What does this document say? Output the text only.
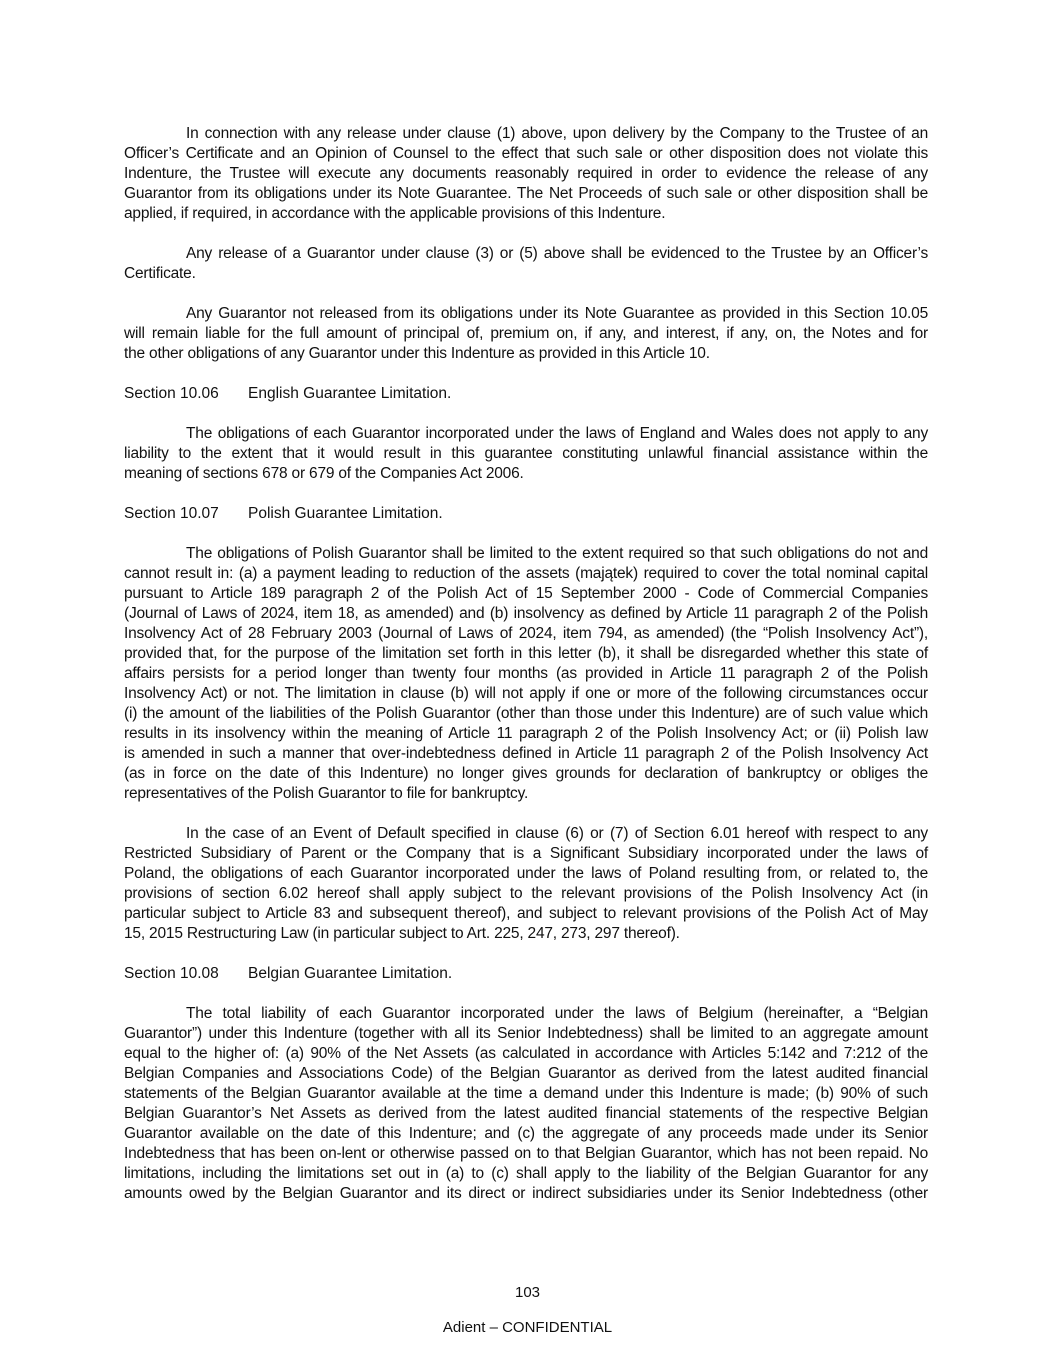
In connection with any release under clause (1) above, upon delivery by the Company to the Trustee of an
Officer’s Certificate and an Opinion of Counsel to the effect that such sale or other disposition does not violate this
Indenture, the Trustee will execute any documents reasonably required in order to evidence the release of any
Guarantor from its obligations under its Note Guarantee. The Net Proceeds of such sale or other disposition shall be
applied, if required, in accordance with the applicable provisions of this Indenture.
Any release of a Guarantor under clause (3) or (5) above shall be evidenced to the Trustee by an Officer’s
Certificate.
Any Guarantor not released from its obligations under its Note Guarantee as provided in this Section 10.05
will remain liable for the full amount of principal of, premium on, if any, and interest, if any, on, the Notes and for
the other obligations of any Guarantor under this Indenture as provided in this Article 10.
Section 10.06 English Guarantee Limitation.
The obligations of each Guarantor incorporated under the laws of England and Wales does not apply to any
liability to the extent that it would result in this guarantee constituting unlawful financial assistance within the
meaning of sections 678 or 679 of the Companies Act 2006.
Section 10.07 Polish Guarantee Limitation.
The obligations of Polish Guarantor shall be limited to the extent required so that such obligations do not and
cannot result in: (a) a payment leading to reduction of the assets (majątek) required to cover the total nominal capital
pursuant to Article 189 paragraph 2 of the Polish Act of 15 September 2000 - Code of Commercial Companies
(Journal of Laws of 2024, item 18, as amended) and (b) insolvency as defined by Article 11 paragraph 2 of the Polish
Insolvency Act of 28 February 2003 (Journal of Laws of 2024, item 794, as amended) (the “Polish Insolvency Act”),
provided that, for the purpose of the limitation set forth in this letter (b), it shall be disregarded whether this state of
affairs persists for a period longer than twenty four months (as provided in Article 11 paragraph 2 of the Polish
Insolvency Act) or not. The limitation in clause (b) will not apply if one or more of the following circumstances occur
(i) the amount of the liabilities of the Polish Guarantor (other than those under this Indenture) are of such value which
results in its insolvency within the meaning of Article 11 paragraph 2 of the Polish Insolvency Act; or (ii) Polish law
is amended in such a manner that over-indebtedness defined in Article 11 paragraph 2 of the Polish Insolvency Act
(as in force on the date of this Indenture) no longer gives grounds for declaration of bankruptcy or obliges the
representatives of the Polish Guarantor to file for bankruptcy.
In the case of an Event of Default specified in clause (6) or (7) of Section 6.01 hereof with respect to any
Restricted Subsidiary of Parent or the Company that is a Significant Subsidiary incorporated under the laws of
Poland, the obligations of each Guarantor incorporated under the laws of Poland resulting from, or related to, the
provisions of section 6.02 hereof shall apply subject to the relevant provisions of the Polish Insolvency Act (in
particular subject to Article 83 and subsequent thereof), and subject to relevant provisions of the Polish Act of May
15, 2015 Restructuring Law (in particular subject to Art. 225, 247, 273, 297 thereof).
Section 10.08 Belgian Guarantee Limitation.
The total liability of each Guarantor incorporated under the laws of Belgium (hereinafter, a “Belgian
Guarantor”) under this Indenture (together with all its Senior Indebtedness) shall be limited to an aggregate amount
equal to the higher of: (a) 90% of the Net Assets (as calculated in accordance with Articles 5:142 and 7:212 of the
Belgian Companies and Associations Code) of the Belgian Guarantor as derived from the latest audited financial
statements of the Belgian Guarantor available at the time a demand under this Indenture is made; (b) 90% of such
Belgian Guarantor’s Net Assets as derived from the latest audited financial statements of the respective Belgian
Guarantor available on the date of this Indenture; and (c) the aggregate of any proceeds made under its Senior
Indebtedness that has been on-lent or otherwise passed on to that Belgian Guarantor, which has not been repaid. No
limitations, including the limitations set out in (a) to (c) shall apply to the liability of the Belgian Guarantor for any
amounts owed by the Belgian Guarantor and its direct or indirect subsidiaries under its Senior Indebtedness (other
103
Adient – CONFIDENTIAL
